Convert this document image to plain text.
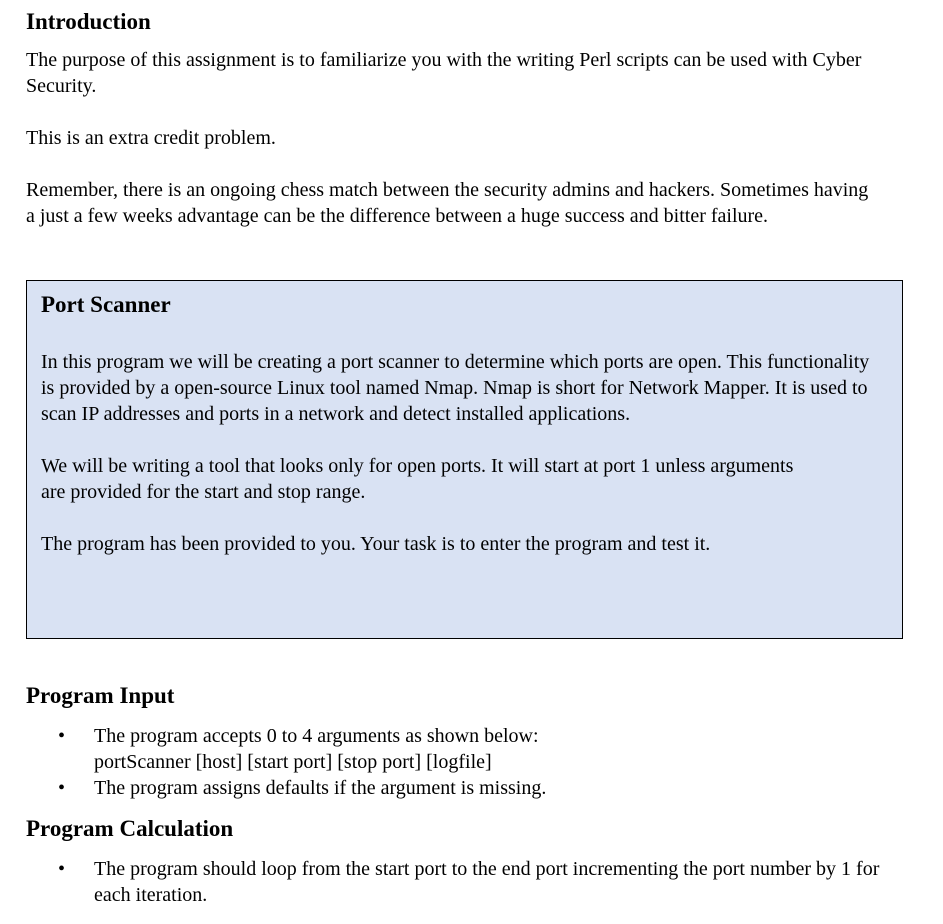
Introduction

The purpose of this assignment is to familiarize you with the writing Perl scripts can be used with Cyber Security.

This is an extra credit problem.

Remember, there is an ongoing chess match between the security admins and hackers. Sometimes having a just a few weeks advantage can be the difference between a huge success and bitter failure.

Port Scanner

In this program we will be creating a port scanner to determine which ports are open. This functionality is provided by a open-source Linux tool named Nmap. Nmap is short for Network Mapper. It is used to scan IP addresses and ports in a network and detect installed applications.

We will be writing a tool that looks only for open ports. It will start at port 1 unless arguments are provided for the start and stop range.

The program has been provided to you. Your task is to enter the program and test it.

Program Input
• The program accepts 0 to 4 arguments as shown below:
portScanner [host] [start port] [stop port] [logfile]
• The program assigns defaults if the argument is missing.
Program Calculation
• The program should loop from the start port to the end port incrementing the port number by 1 for each iteration.
